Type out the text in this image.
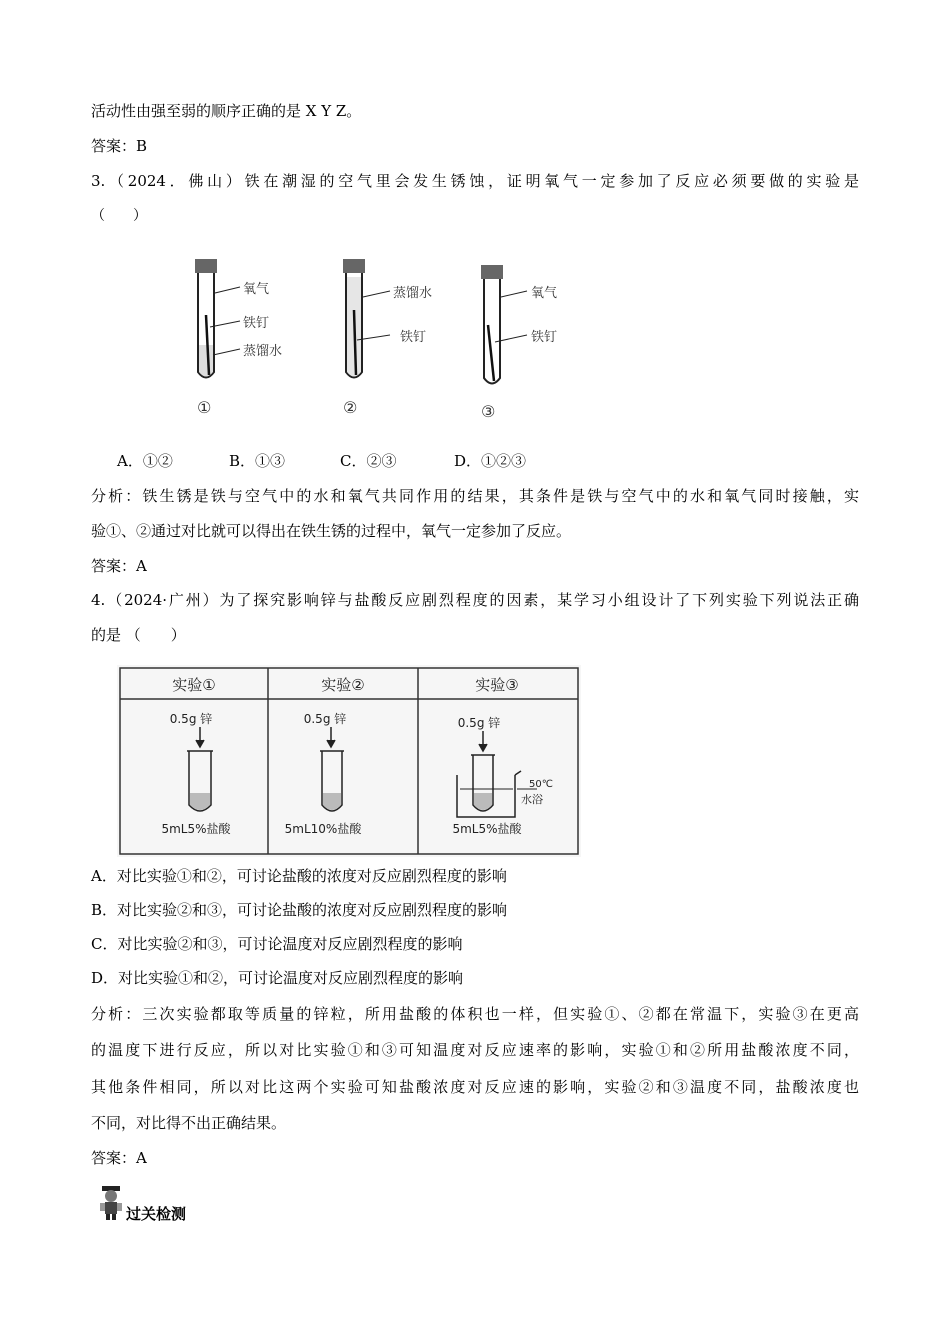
活动性由强至弱的顺序正确的是 X Y Z。
答案：B
3.（2024．佛山）铁在潮湿的空气里会发生锈蚀，证明氧气一定参加了反应必须要做的实验是
（　　）
氧气
铁钉
蒸馏水
①
蒸馏水
铁钉
②
氧气
铁钉
③
A．①②	B．①③	C．②③	D．①②③
分析：铁生锈是铁与空气中的水和氧气共同作用的结果，其条件是铁与空气中的水和氧气同时接触，实
验①、②通过对比就可以得出在铁生锈的过程中，氧气一定参加了反应。
答案：A
4.（2024·广州）为了探究影响锌与盐酸反应剧烈程度的因素，某学习小组设计了下列实验下列说法正确
的是 （　　）
实验①	实验②	实验③
0.5g 锌	0.5g 锌	0.5g 锌
5mL5%盐酸	5mL10%盐酸	5mL5%盐酸
50℃
水浴
A．对比实验①和②，可讨论盐酸的浓度对反应剧烈程度的影响
B．对比实验②和③，可讨论盐酸的浓度对反应剧烈程度的影响
C．对比实验②和③，可讨论温度对反应剧烈程度的影响
D．对比实验①和②，可讨论温度对反应剧烈程度的影响
分析：三次实验都取等质量的锌粒，所用盐酸的体积也一样，但实验①、②都在常温下，实验③在更高
的温度下进行反应，所以对比实验①和③可知温度对反应速率的影响，实验①和②所用盐酸浓度不同，
其他条件相同，所以对比这两个实验可知盐酸浓度对反应速的影响，实验②和③温度不同，盐酸浓度也
不同，对比得不出正确结果。
答案：A
过关检测
